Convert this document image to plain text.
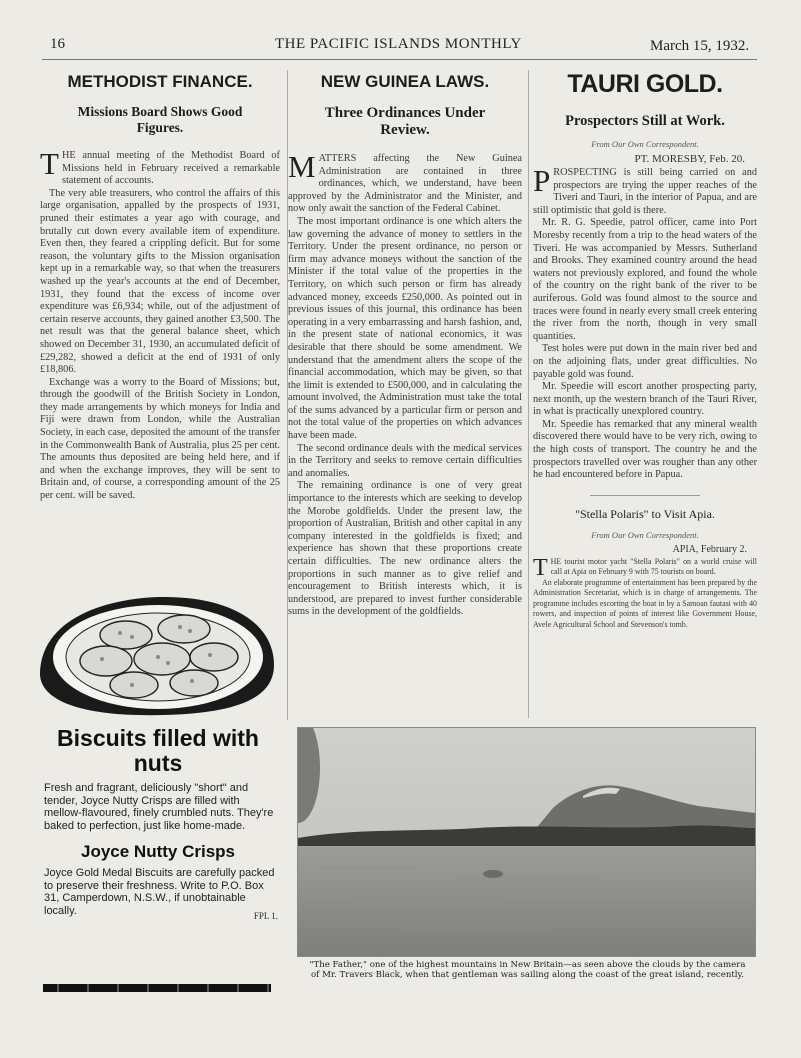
16	THE PACIFIC ISLANDS MONTHLY	March 15, 1932.
METHODIST FINANCE.
Missions Board Shows Good Figures.

THE annual meeting of the Methodist Board of Missions held in February received a remarkable statement of accounts.

The very able treasurers, who control the affairs of this large organisation, appalled by the prospects of 1931, pruned their estimates a year ago with courage, and brutally cut down every available item of expenditure. Even then, they feared a crippling deficit. But for some reason, the voluntary gifts to the Mission organisation kept up in a remarkable way, so that when the treasurers washed up the year's accounts at the end of December, 1931, they found that the excess of income over expenditure was £6,934; while, out of the adjustment of certain reserve accounts, they gained another £3,500. The net result was that the general balance sheet, which showed on December 31, 1930, an accumulated deficit of £29,282, showed a deficit at the end of 1931 of only £18,806.

Exchange was a worry to the Board of Missions; but, through the goodwill of the British Society in London, they made arrangements by which moneys for India and Fiji were drawn from London, while the Australian Society, in each case, deposited the amount of the transfer in the Commonwealth Bank of Australia, plus 25 per cent. The amounts thus deposited are being held here, and if and when the exchange improves, they will be sent to Britain and, of course, a corresponding amount of the 25 per cent. will be saved.

Biscuits filled with nuts
Fresh and fragrant, deliciously "short" and tender, Joyce Nutty Crisps are filled with mellow-flavoured, finely crumbled nuts. They're baked to perfection, just like home-made.
Joyce Nutty Crisps
Joyce Gold Medal Biscuits are carefully packed to preserve their freshness. Write to P.O. Box 31, Camperdown, N.S.W., if unobtainable locally.	FPL 1.
NEW GUINEA LAWS.
Three Ordinances Under Review.

MATTERS affecting the New Guinea Administration are contained in three ordinances, which, we understand, have been approved by the Administrator and the Minister, and now only await the sanction of the Federal Cabinet.

The most important ordinance is one which alters the law governing the advance of money to settlers in the Territory. Under the present ordinance, no person or firm may advance moneys without the sanction of the Minister if the total value of the properties in the Territory, on which such person or firm has already advanced money, exceeds £250,000. As pointed out in previous issues of this journal, this ordinance has been operating in a very embarrassing and harsh fashion, and, in the present state of national economics, it was desirable that there should be some amendment. We understand that the amendment alters the scope of the financial accommodation, which may be given, so that the limit is extended to £500,000, and in calculating the amount involved, the Administration must take the total of the sums advanced by a particular firm or person and not the total value of the properties on which advances have been made.

The second ordinance deals with the medical services in the Territory and seeks to remove certain difficulties and anomalies.

The remaining ordinance is one of very great importance to the interests which are seeking to develop the Morobe goldfields. Under the present law, the proportion of Australian, British and other capital in any company interested in the goldfields is fixed; and experience has shown that these proportions create certain difficulties. The new ordinance alters the proportions in such manner as to give relief and encouragement to British interests which, it is understood, are prepared to invest further considerable sums in the development of the goldfields.

TAURI GOLD.
Prospectors Still at Work.
From Our Own Correspondent.
PT. MORESBY, Feb. 20.

PROSPECTING is still being carried on and prospectors are trying the upper reaches of the Tiveri and Tauri, in the interior of Papua, and are still optimistic that gold is there.

Mr. R. G. Speedie, patrol officer, came into Port Moresby recently from a trip to the head waters of the Tiveri. He was accompanied by Messrs. Sutherland and Brooks. They examined country around the head waters not previously explored, and found the whole of the country on the right bank of the river to be auriferous. Gold was found almost to the source and traces were found in nearly every small creek entering the river from the north, though in very small quantities.

Test holes were put down in the main river bed and on the adjoining flats, under great difficulties. No payable gold was found.

Mr. Speedie will escort another prospecting party, next month, up the western branch of the Tauri River, in what is practically unexplored country.

Mr. Speedie has remarked that any mineral wealth discovered there would have to be very rich, owing to the high costs of transport. The country he and the prospectors travelled over was rougher than any other he had encountered before in Papua.

"Stella Polaris" to Visit Apia.
From Our Own Correspondent.
APIA, February 2.

THE tourist motor yacht "Stella Polaris" on a world cruise will call at Apia on February 9 with 75 tourists on board.

An elaborate programme of entertainment has been prepared by the Administration Secretariat, which is in charge of arrangements. The programme includes escorting the boat in by a Samoan fautasi with 40 rowers, and inspection of points of interest like Government House, Avele Agricultural School and Stevenson's tomb.

"The Father," one of the highest mountains in New Britain—as seen above the clouds by the camera of Mr. Travers Black, when that gentleman was sailing along the coast of the great island, recently.
